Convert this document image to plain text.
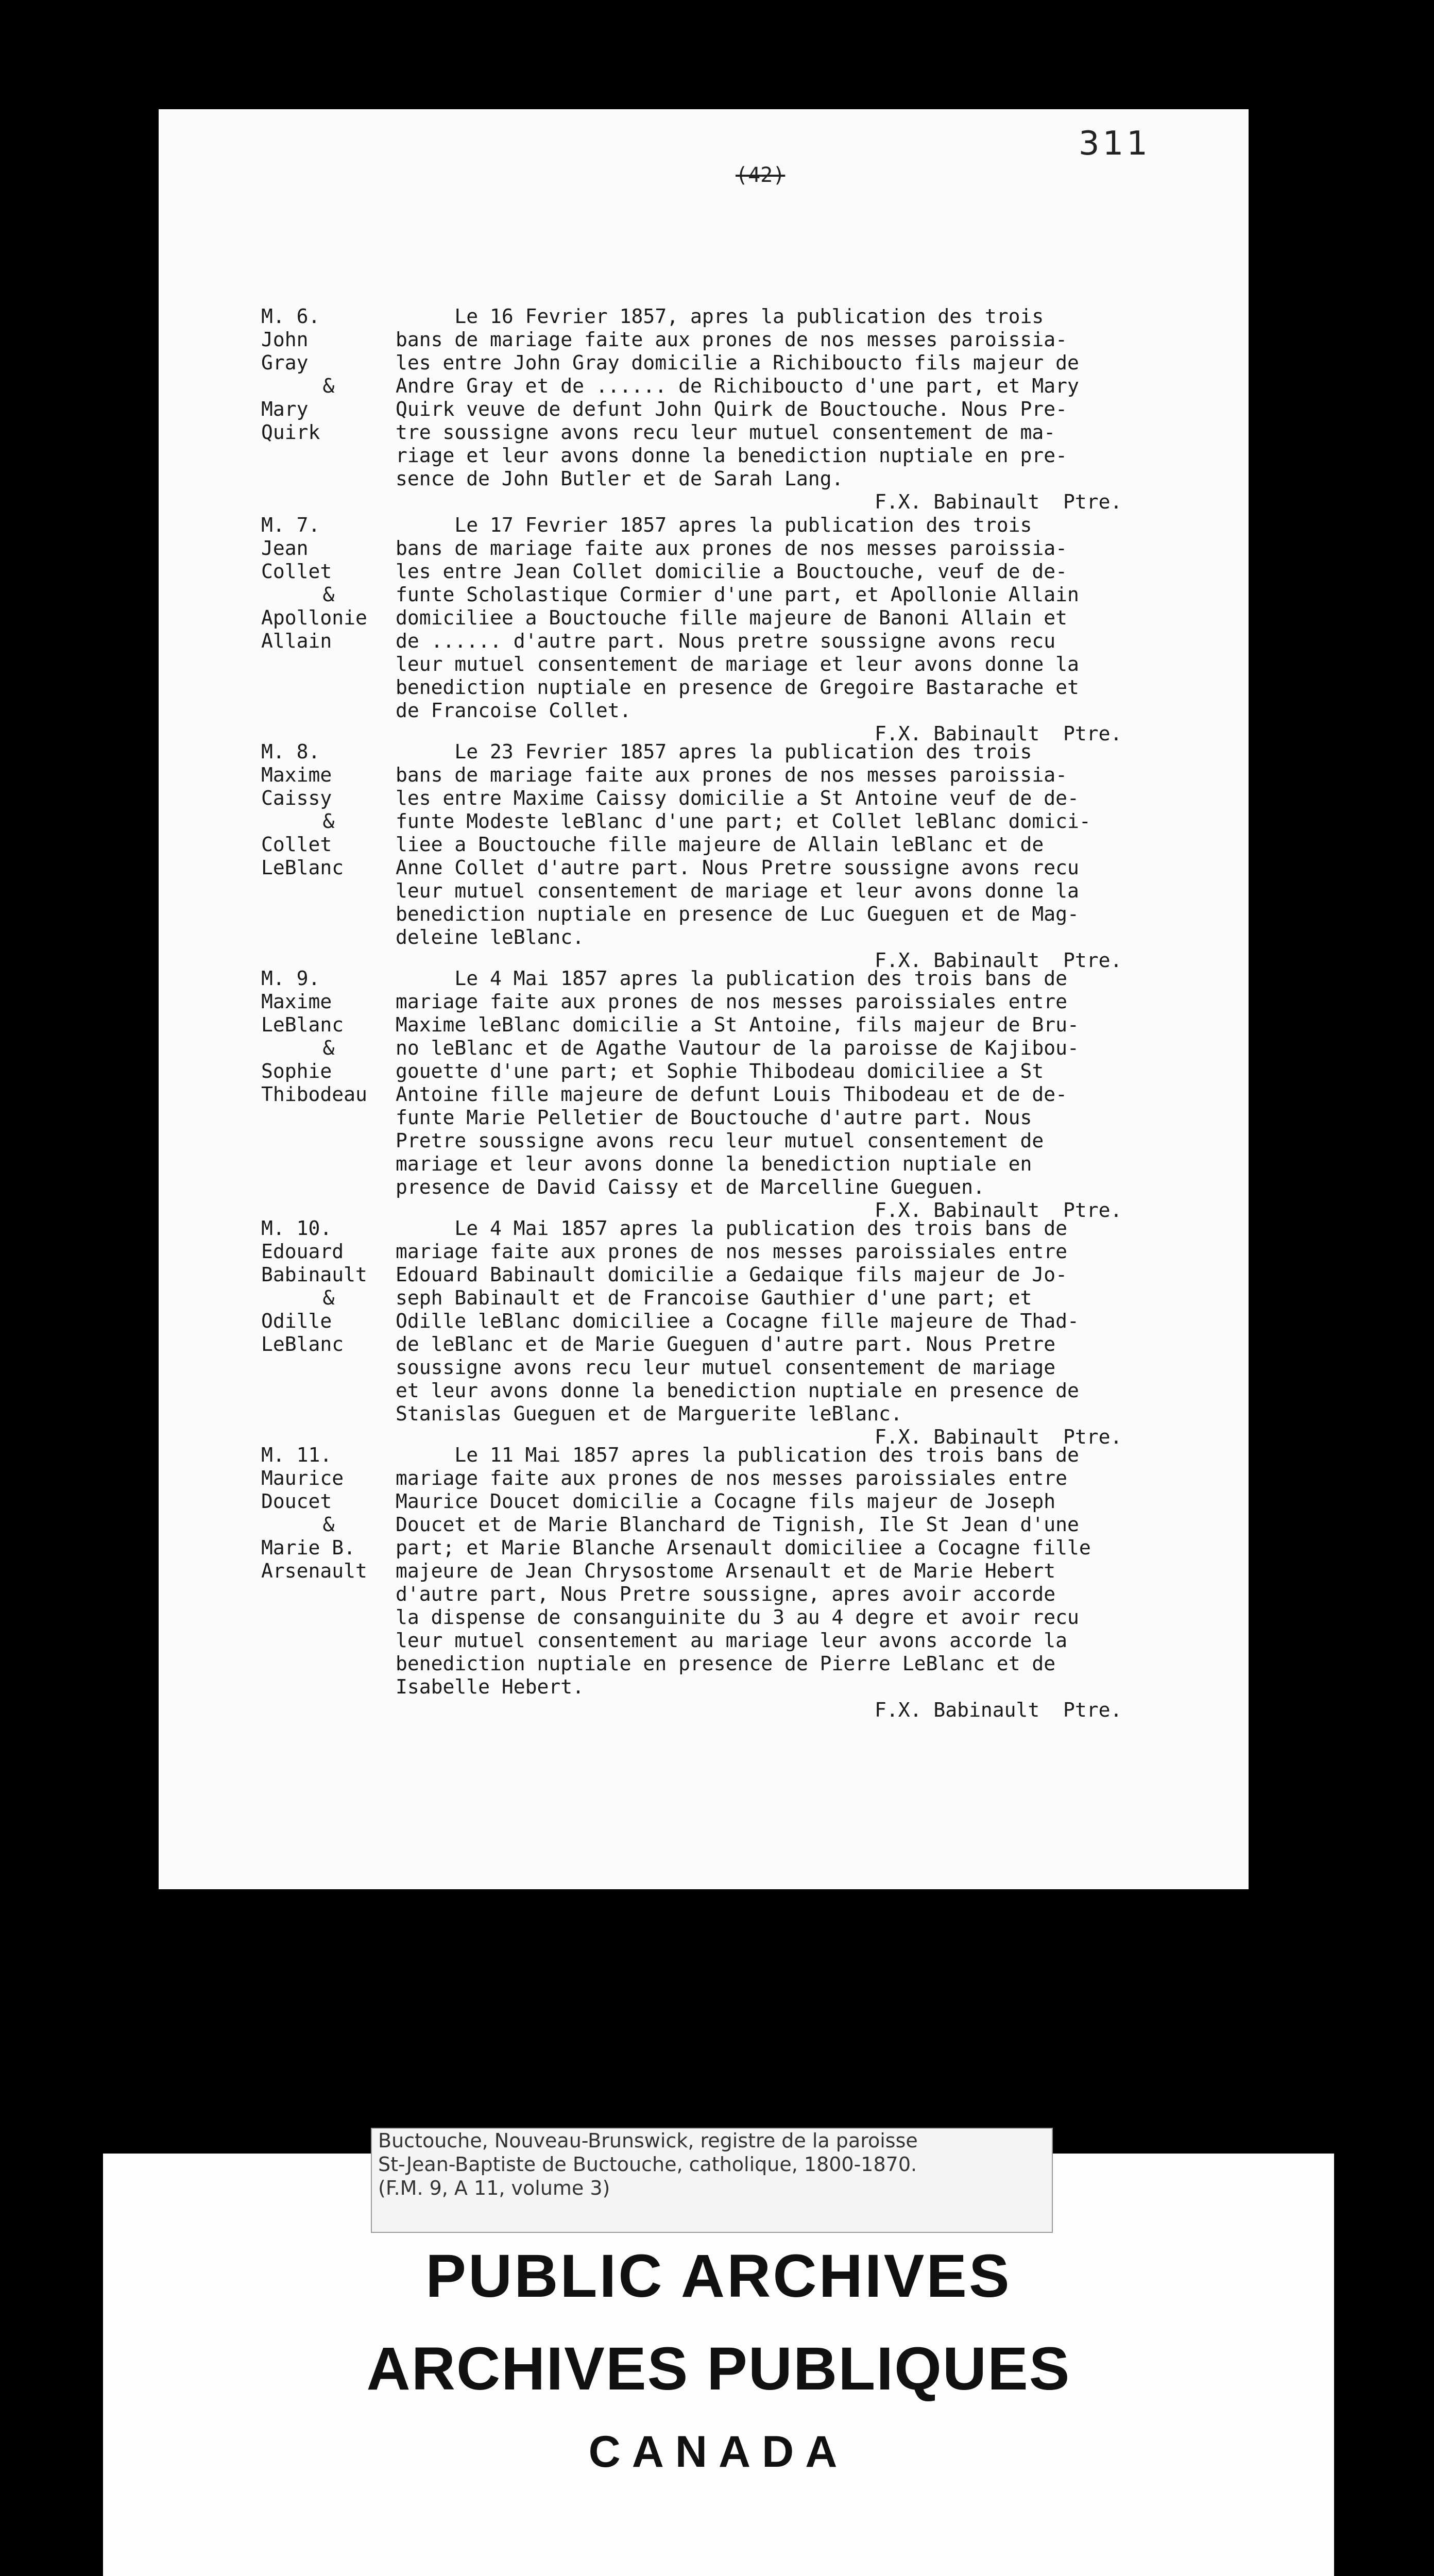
311
(42)
M. 6.
John
Gray
&
Mary
Quirk
Le 16 Fevrier 1857, apres la publication des trois
bans de mariage faite aux prones de nos messes paroissia-
les entre John Gray domicilie a Richiboucto fils majeur de
Andre Gray et de ...... de Richiboucto d'une part, et Mary
Quirk veuve de defunt John Quirk de Bouctouche. Nous Pre-
tre soussigne avons recu leur mutuel consentement de ma-
riage et leur avons donne la benediction nuptiale en pre-
sence de John Butler et de Sarah Lang.
F.X. Babinault  Ptre.
M. 7.
Jean
Collet
&
Apollonie
Allain
Le 17 Fevrier 1857 apres la publication des trois
bans de mariage faite aux prones de nos messes paroissia-
les entre Jean Collet domicilie a Bouctouche, veuf de de-
funte Scholastique Cormier d'une part, et Apollonie Allain
domiciliee a Bouctouche fille majeure de Banoni Allain et
de ...... d'autre part. Nous pretre soussigne avons recu
leur mutuel consentement de mariage et leur avons donne la
benediction nuptiale en presence de Gregoire Bastarache et
de Francoise Collet.
F.X. Babinault  Ptre.
M. 8.
Maxime
Caissy
&
Collet
LeBlanc
Le 23 Fevrier 1857 apres la publication des trois
bans de mariage faite aux prones de nos messes paroissia-
les entre Maxime Caissy domicilie a St Antoine veuf de de-
funte Modeste leBlanc d'une part; et Collet leBlanc domici-
liee a Bouctouche fille majeure de Allain leBlanc et de
Anne Collet d'autre part. Nous Pretre soussigne avons recu
leur mutuel consentement de mariage et leur avons donne la
benediction nuptiale en presence de Luc Gueguen et de Mag-
deleine leBlanc.
F.X. Babinault  Ptre.
M. 9.
Maxime
LeBlanc
&
Sophie
Thibodeau
Le 4 Mai 1857 apres la publication des trois bans de
mariage faite aux prones de nos messes paroissiales entre
Maxime leBlanc domicilie a St Antoine, fils majeur de Bru-
no leBlanc et de Agathe Vautour de la paroisse de Kajibou-
gouette d'une part; et Sophie Thibodeau domiciliee a St
Antoine fille majeure de defunt Louis Thibodeau et de de-
funte Marie Pelletier de Bouctouche d'autre part. Nous
Pretre soussigne avons recu leur mutuel consentement de
mariage et leur avons donne la benediction nuptiale en
presence de David Caissy et de Marcelline Gueguen.
F.X. Babinault  Ptre.
M. 10.
Edouard
Babinault
&
Odille
LeBlanc
Le 4 Mai 1857 apres la publication des trois bans de
mariage faite aux prones de nos messes paroissiales entre
Edouard Babinault domicilie a Gedaique fils majeur de Jo-
seph Babinault et de Francoise Gauthier d'une part; et
Odille leBlanc domiciliee a Cocagne fille majeure de Thad-
de leBlanc et de Marie Gueguen d'autre part. Nous Pretre
soussigne avons recu leur mutuel consentement de mariage
et leur avons donne la benediction nuptiale en presence de
Stanislas Gueguen et de Marguerite leBlanc.
F.X. Babinault  Ptre.
M. 11.
Maurice
Doucet
&
Marie B.
Arsenault
Le 11 Mai 1857 apres la publication des trois bans de
mariage faite aux prones de nos messes paroissiales entre
Maurice Doucet domicilie a Cocagne fils majeur de Joseph
Doucet et de Marie Blanchard de Tignish, Ile St Jean d'une
part; et Marie Blanche Arsenault domiciliee a Cocagne fille
majeure de Jean Chrysostome Arsenault et de Marie Hebert
d'autre part, Nous Pretre soussigne, apres avoir accorde
la dispense de consanguinite du 3 au 4 degre et avoir recu
leur mutuel consentement au mariage leur avons accorde la
benediction nuptiale en presence de Pierre LeBlanc et de
Isabelle Hebert.
F.X. Babinault  Ptre.
Buctouche, Nouveau-Brunswick, registre de la paroisse
St-Jean-Baptiste de Buctouche, catholique, 1800-1870.
(F.M. 9, A 11, volume 3)
PUBLIC ARCHIVES
ARCHIVES PUBLIQUES
CANADA
